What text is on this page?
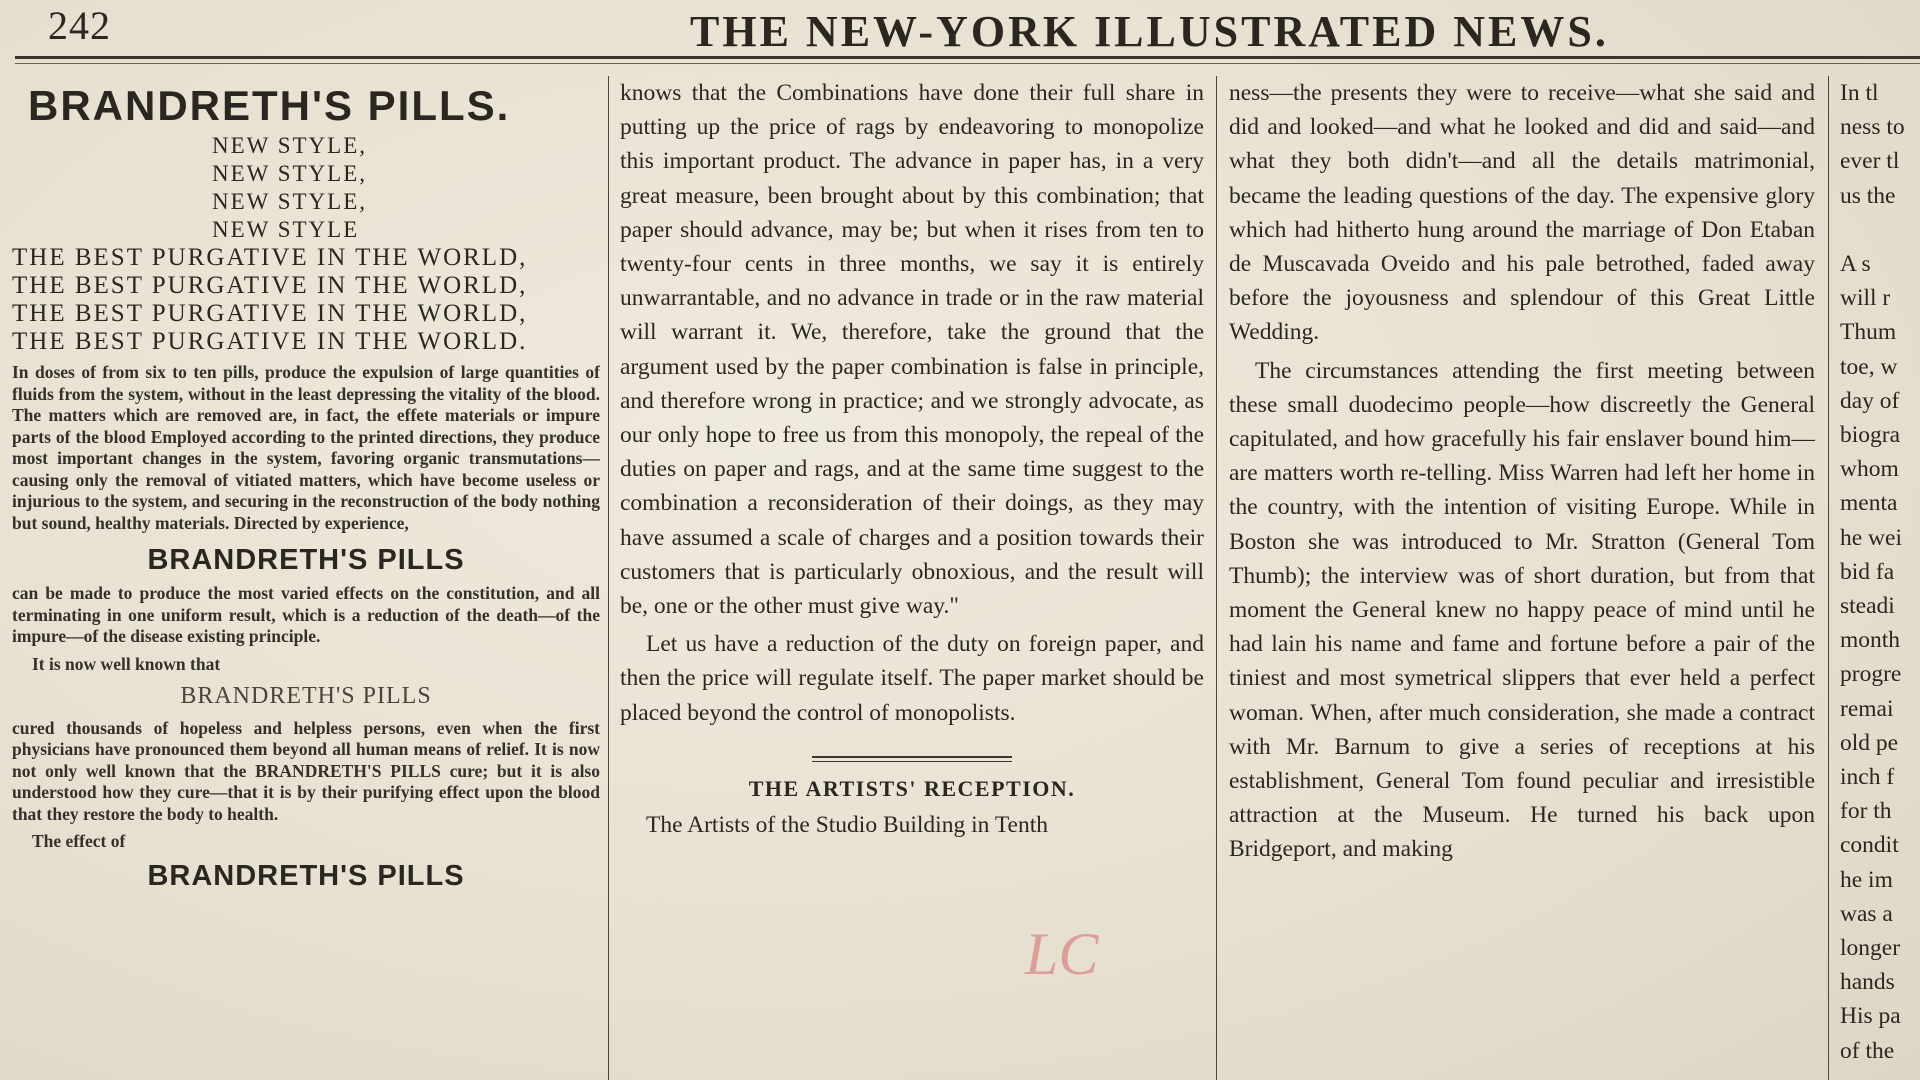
242	THE NEW-YORK ILLUSTRATED NEWS.
BRANDRETH'S PILLS.
NEW STYLE,
NEW STYLE,
NEW STYLE,
NEW STYLE
THE BEST PURGATIVE IN THE WORLD,
THE BEST PURGATIVE IN THE WORLD,
THE BEST PURGATIVE IN THE WORLD,
THE BEST PURGATIVE IN THE WORLD.

In doses of from six to ten pills, produce the expulsion of large quantities of fluids from the system, without in the least depressing the vitality of the blood. The matters which are removed are, in fact, the effete materials or impure parts of the blood Employed according to the printed directions, they produce most important changes in the system, favoring organic transmutations—causing only the removal of vitiated matters, which have become useless or injurious to the system, and securing in the reconstruction of the body nothing but sound, healthy materials. Directed by experience,

BRANDRETH'S PILLS

can be made to produce the most varied effects on the constitution, and all terminating in one uniform result, which is a reduction of the death—of the impure—of the disease existing principle.

It is now well known that
BRANDRETH'S PILLS

cured thousands of hopeless and helpless persons, even when the first physicians have pronounced them beyond all human means of relief. It is now not only well known that the BRANDRETH'S PILLS cure; but it is also understood how they cure—that it is by their purifying effect upon the blood that they restore the body to health.

The effect of
BRANDRETH'S PILLS

knows that the Combinations have done their full share in putting up the price of rags by endeavoring to monopolize this important product. The advance in paper has, in a very great measure, been brought about by this combination; that paper should advance, may be; but when it rises from ten to twenty-four cents in three months, we say it is entirely unwarrantable, and no advance in trade or in the raw material will warrant it. We, therefore, take the ground that the argument used by the paper combination is false in principle, and therefore wrong in practice; and we strongly advocate, as our only hope to free us from this monopoly, the repeal of the duties on paper and rags, and at the same time suggest to the combination a reconsideration of their doings, as they may have assumed a scale of charges and a position towards their customers that is particularly obnoxious, and the result will be, one or the other must give way."

Let us have a reduction of the duty on foreign paper, and then the price will regulate itself. The paper market should be placed beyond the control of monopolists.

THE ARTISTS' RECEPTION.

The Artists of the Studio Building in Tenth

LC

ness—the presents they were to receive—what she said and did and looked—and what he looked and did and said—and what they both didn't—and all the details matrimonial, became the leading questions of the day. The expensive glory which had hitherto hung around the marriage of Don Etaban de Muscavada Oveido and his pale betrothed, faded away before the joyousness and splendour of this Great Little Wedding.

The circumstances attending the first meeting between these small duodecimo people—how discreetly the General capitulated, and how gracefully his fair enslaver bound him—are matters worth re-telling. Miss Warren had left her home in the country, with the intention of visiting Europe. While in Boston she was introduced to Mr. Stratton (General Tom Thumb); the interview was of short duration, but from that moment the General knew no happy peace of mind until he had lain his name and fame and fortune before a pair of the tiniest and most symetrical slippers that ever held a perfect woman. When, after much consideration, she made a contract with Mr. Barnum to give a series of receptions at his establishment, General Tom found peculiar and irresistible attraction at the Museum. He turned his back upon Bridgeport, and making

In tl

ness to

ever tl

us the

A s

will r

Thum

toe, w

day of

biogra

whom

menta

he wei

bid fa

steadi

month

progre

remai

old pe

inch f

for th

condit

he im

was a

longer

hands

His pa

of the
